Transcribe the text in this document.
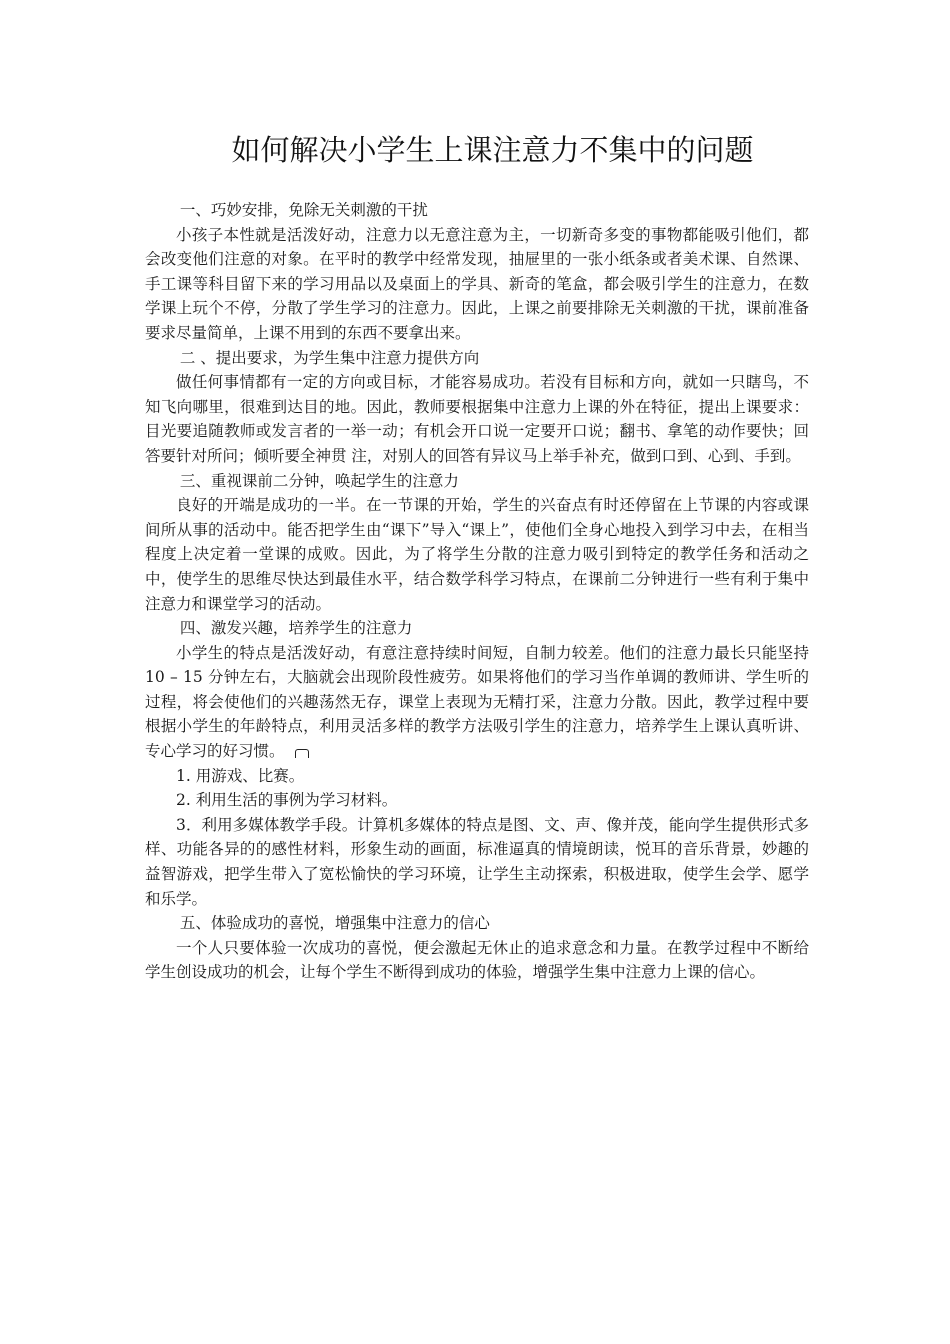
如何解决小学生上课注意力不集中的问题

一、巧妙安排，免除无关刺激的干扰

小孩子本性就是活泼好动，注意力以无意注意为主，一切新奇多变的事物都能吸引他们，都会改变他们注意的对象。在平时的教学中经常发现，抽屉里的一张小纸条或者美术课、自然课、手工课等科目留下来的学习用品以及桌面上的学具、新奇的笔盒，都会吸引学生的注意力，在数学课上玩个不停，分散了学生学习的注意力。因此，上课之前要排除无关刺激的干扰，课前准备要求尽量简单，上课不用到的东西不要拿出来。

二 、提出要求，为学生集中注意力提供方向

做任何事情都有一定的方向或目标，才能容易成功。若没有目标和方向，就如一只瞎鸟，不知飞向哪里，很难到达目的地。因此，教师要根据集中注意力上课的外在特征，提出上课要求：目光要追随教师或发言者的一举一动；有机会开口说一定要开口说；翻书、拿笔的动作要快；回答要针对所问；倾听要全神贯 注，对别人的回答有异议马上举手补充，做到口到、心到、手到。

三、重视课前二分钟，唤起学生的注意力

良好的开端是成功的一半。在一节课的开始，学生的兴奋点有时还停留在上节课的内容或课间所从事的活动中。能否把学生由“课下”导入“课上”，使他们全身心地投入到学习中去，在相当程度上决定着一堂课的成败。因此，为了将学生分散的注意力吸引到特定的教学任务和活动之中，使学生的思维尽快达到最佳水平，结合数学科学习特点，在课前二分钟进行一些有利于集中注意力和课堂学习的活动。

四、激发兴趣，培养学生的注意力

小学生的特点是活泼好动，有意注意持续时间短，自制力较差。他们的注意力最长只能坚持 10 – 15 分钟左右，大脑就会出现阶段性疲劳。如果将他们的学习当作单调的教师讲、学生听的过程，将会使他们的兴趣荡然无存，课堂上表现为无精打采，注意力分散。因此，教学过程中要根据小学生的年龄特点，利用灵活多样的教学方法吸引学生的注意力，培养学生上课认真听讲、专心学习的好习惯。

1. 用游戏、比赛。

2. 利用生活的事例为学习材料。

3．利用多媒体教学手段。计算机多媒体的特点是图、文、声、像并茂，能向学生提供形式多样、功能各异的的感性材料，形象生动的画面，标准逼真的情境朗读，悦耳的音乐背景，妙趣的益智游戏，把学生带入了宽松愉快的学习环境，让学生主动探索，积极进取，使学生会学、愿学和乐学。

五、体验成功的喜悦，增强集中注意力的信心

一个人只要体验一次成功的喜悦，便会激起无休止的追求意念和力量。在教学过程中不断给学生创设成功的机会，让每个学生不断得到成功的体验，增强学生集中注意力上课的信心。
